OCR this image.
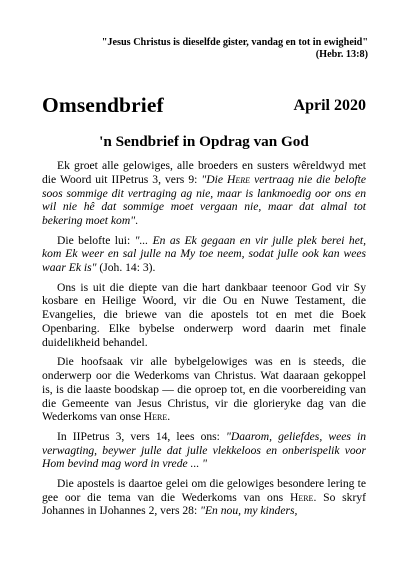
"Jesus Christus is dieselfde gister, vandag en tot in ewigheid"
(Hebr. 13:8)
Omsendbrief	April 2020
'n Sendbrief in Opdrag van God

Ek groet alle gelowiges, alle broeders en susters wêreldwyd met die Woord uit IIPetrus 3, vers 9: "Die Here vertraag nie die belofte soos sommige dit vertraging ag nie, maar is lankmoedig oor ons en wil nie hê dat sommige moet vergaan nie, maar dat almal tot bekering moet kom".

Die belofte lui: "... En as Ek gegaan en vir julle plek berei het, kom Ek weer en sal julle na My toe neem, sodat julle ook kan wees waar Ek is" (Joh. 14: 3).

Ons is uit die diepte van die hart dankbaar teenoor God vir Sy kosbare en Heilige Woord, vir die Ou en Nuwe Testament, die Evangelies, die briewe van die apostels tot en met die Boek Openbaring. Elke bybelse onderwerp word daarin met finale duidelikheid behandel.

Die hoofsaak vir alle bybelgelowiges was en is steeds, die onderwerp oor die Wederkoms van Christus. Wat daaraan gekoppel is, is die laaste boodskap — die oproep tot, en die voorbereiding van die Gemeente van Jesus Christus, vir die glorieryke dag van die Wederkoms van onse Here.

In IIPetrus 3, vers 14, lees ons: "Daarom, geliefdes, wees in verwagting, beywer julle dat julle vlekkeloos en onberispelik voor Hom bevind mag word in vrede ... "

Die apostels is daartoe gelei om die gelowiges besondere lering te gee oor die tema van die Wederkoms van ons Here. So skryf Johannes in IJohannes 2, vers 28: "En nou, my kinders,
